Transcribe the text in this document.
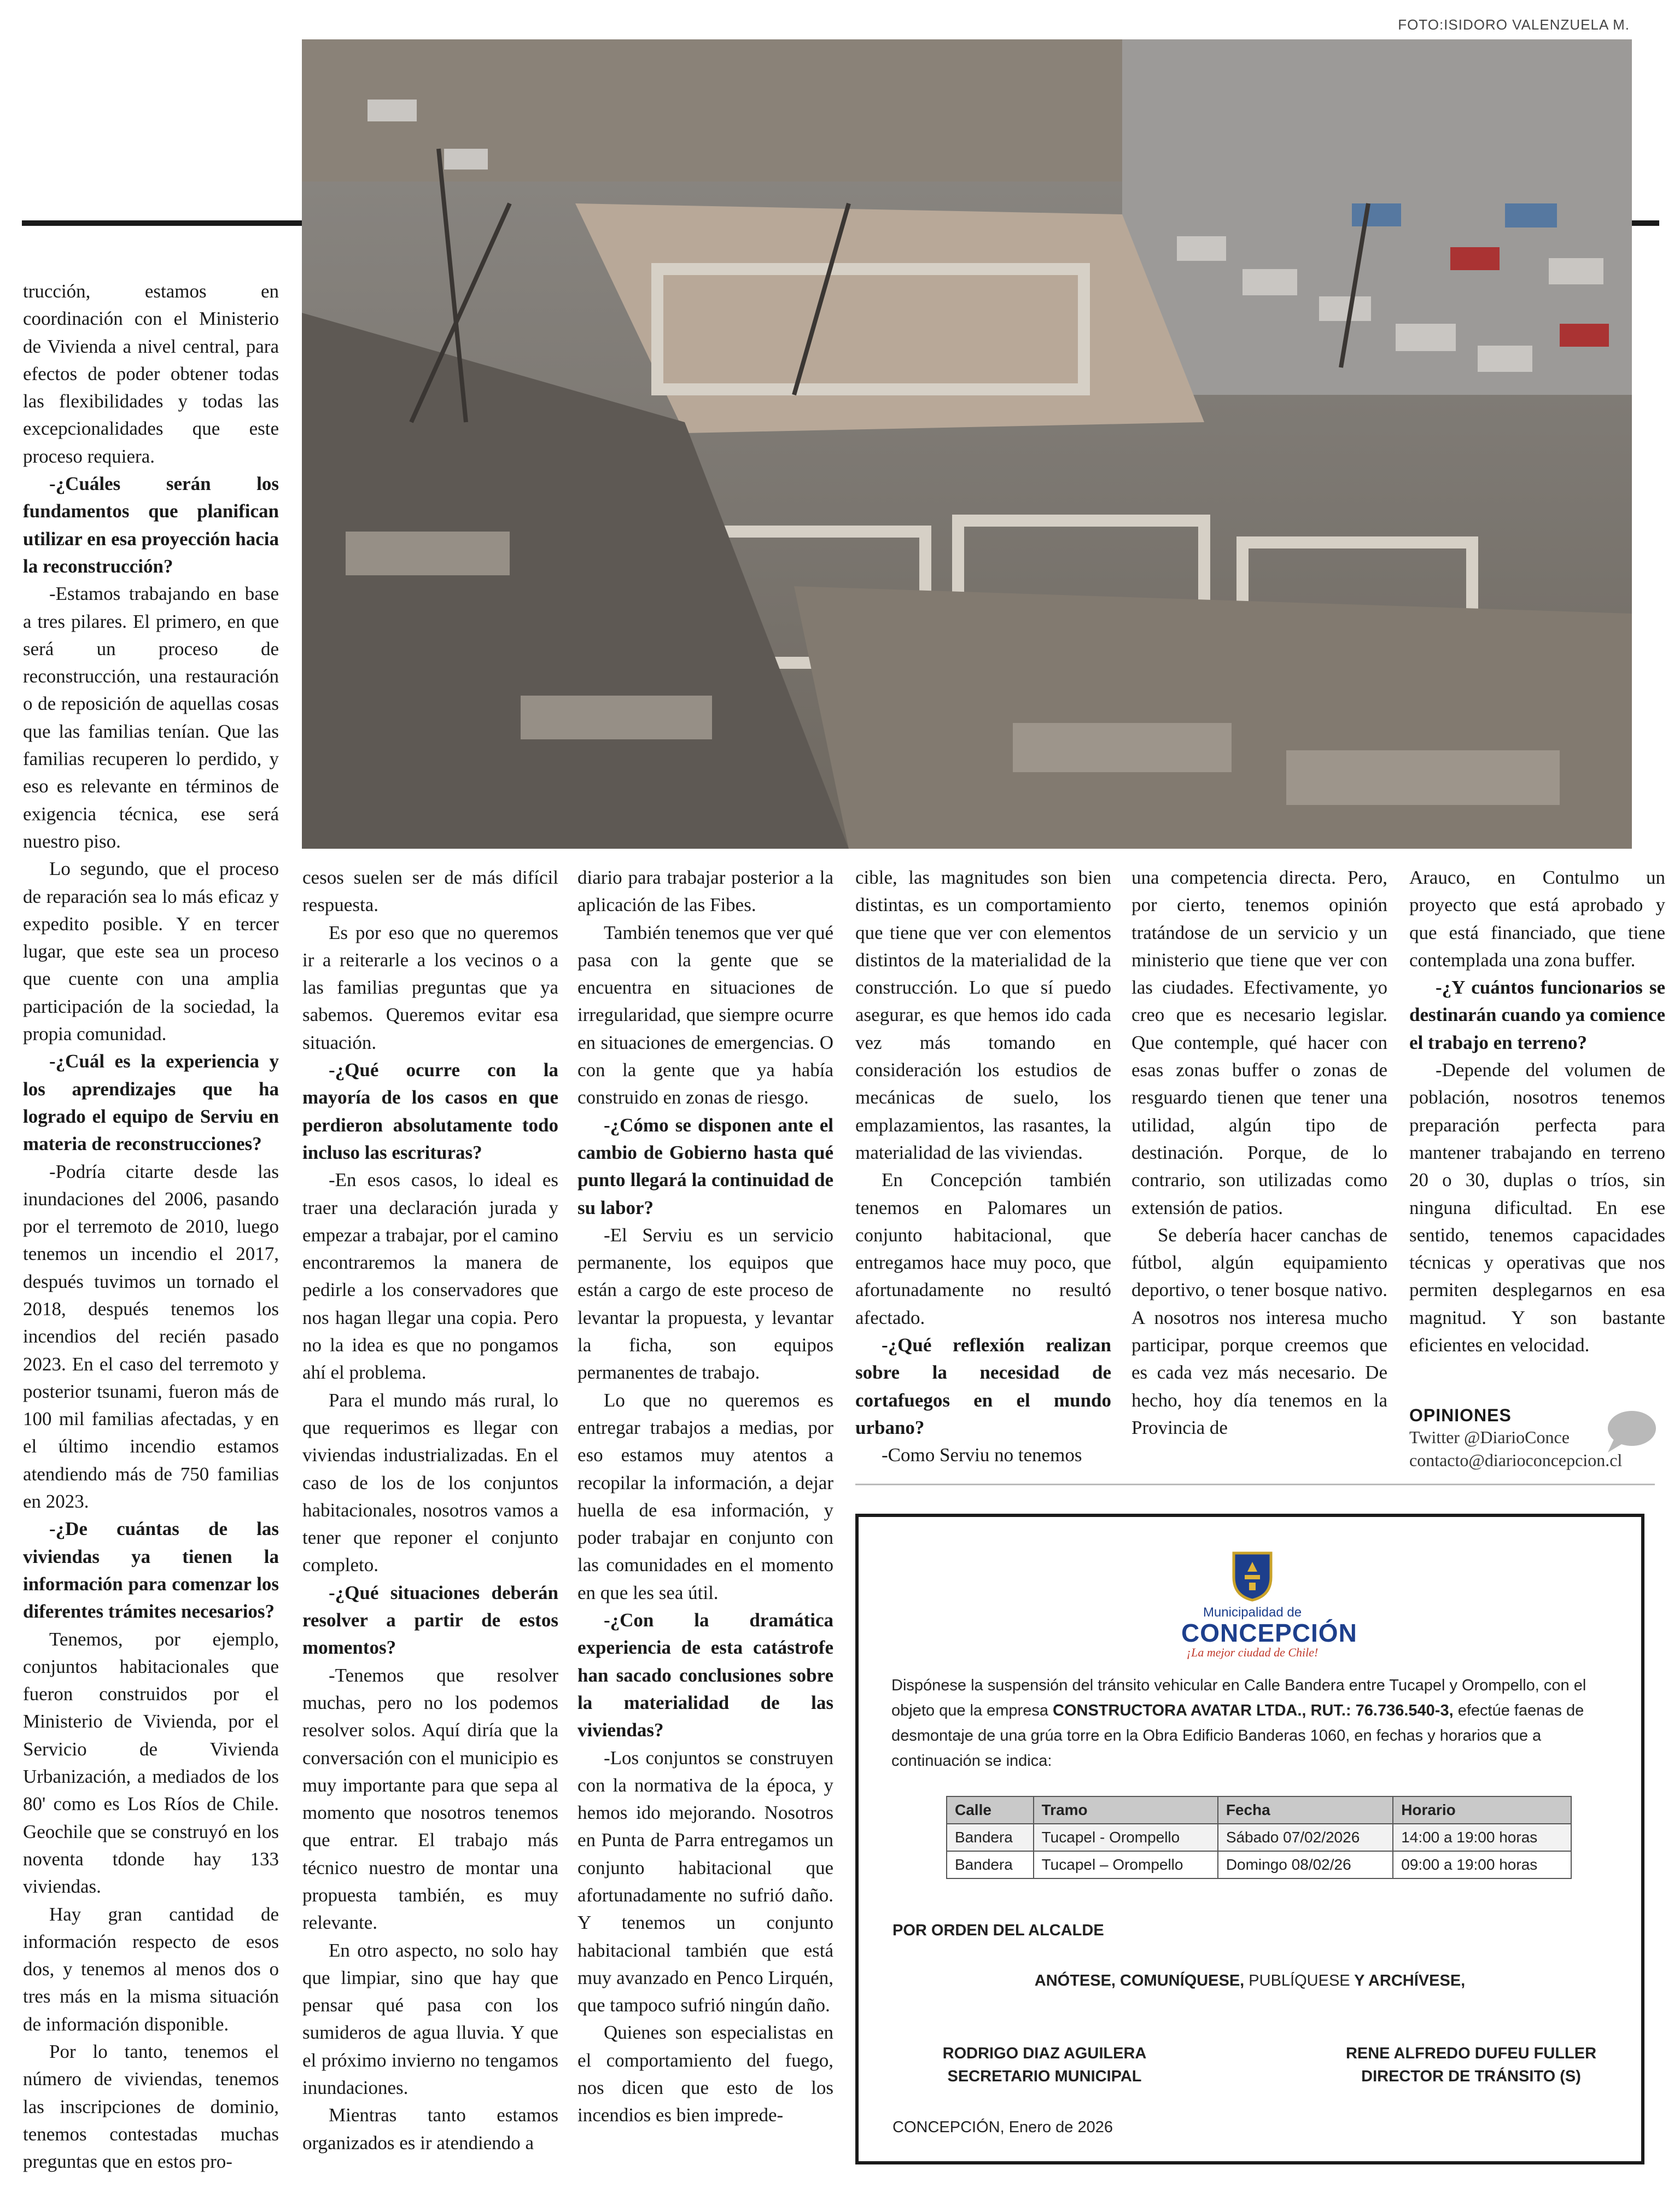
FOTO:ISIDORO VALENZUELA M.

trucción, estamos en coordinación con el Ministerio de Vivienda a nivel central, para efectos de poder obtener todas las flexibilidades y todas las excepcionalidades que este proceso requiera.

-¿Cuáles serán los fundamentos que planifican utilizar en esa proyección hacia la reconstrucción?

-Estamos trabajando en base a tres pilares. El primero, en que será un proceso de reconstrucción, una restauración o de reposición de aquellas cosas que las familias tenían. Que las familias recuperen lo perdido, y eso es relevante en términos de exigencia técnica, ese será nuestro piso.

Lo segundo, que el proceso de reparación sea lo más eficaz y expedito posible. Y en tercer lugar, que este sea un proceso que cuente con una amplia participación de la sociedad, la propia comunidad.

-¿Cuál es la experiencia y los aprendizajes que ha logrado el equipo de Serviu en materia de reconstrucciones?

-Podría citarte desde las inundaciones del 2006, pasando por el terremoto de 2010, luego tenemos un incendio el 2017, después tuvimos un tornado el 2018, después tenemos los incendios del recién pasado 2023. En el caso del terremoto y posterior tsunami, fueron más de 100 mil familias afectadas, y en el último incendio estamos atendiendo más de 750 familias en 2023.

-¿De cuántas de las viviendas ya tienen la información para comenzar los diferentes trámites necesarios?

Tenemos, por ejemplo, conjuntos habitacionales que fueron construidos por el Ministerio de Vivienda, por el Servicio de Vivienda Urbanización, a mediados de los 80' como es Los Ríos de Chile. Geochile que se construyó en los noventa tdonde hay 133 viviendas.

Hay gran cantidad de información respecto de esos dos, y tenemos al menos dos o tres más en la misma situación de información disponible.

Por lo tanto, tenemos el número de viviendas, tenemos las inscripciones de dominio, tenemos contestadas muchas preguntas que en estos pro-

cesos suelen ser de más difícil respuesta.

Es por eso que no queremos ir a reiterarle a los vecinos o a las familias preguntas que ya sabemos. Queremos evitar esa situación.

-¿Qué ocurre con la mayoría de los casos en que perdieron absolutamente todo incluso las escrituras?

-En esos casos, lo ideal es traer una declaración jurada y empezar a trabajar, por el camino encontraremos la manera de pedirle a los conservadores que nos hagan llegar una copia. Pero no la idea es que no pongamos ahí el problema.

Para el mundo más rural, lo que requerimos es llegar con viviendas industrializadas. En el caso de los de los conjuntos habitacionales, nosotros vamos a tener que reponer el conjunto completo.

-¿Qué situaciones deberán resolver a partir de estos momentos?

-Tenemos que resolver muchas, pero no los podemos resolver solos. Aquí diría que la conversación con el municipio es muy importante para que sepa al momento que nosotros tenemos que entrar. El trabajo más técnico nuestro de montar una propuesta también, es muy relevante.

En otro aspecto, no solo hay que limpiar, sino que hay que pensar qué pasa con los sumideros de agua lluvia. Y que el próximo invierno no tengamos inundaciones.

Mientras tanto estamos organizados es ir atendiendo a

diario para trabajar posterior a la aplicación de las Fibes.

También tenemos que ver qué pasa con la gente que se encuentra en situaciones de irregularidad, que siempre ocurre en situaciones de emergencias. O con la gente que ya había construido en zonas de riesgo.

-¿Cómo se disponen ante el cambio de Gobierno hasta qué punto llegará la continuidad de su labor?

-El Serviu es un servicio permanente, los equipos que están a cargo de este proceso de levantar la propuesta, y levantar la ficha, son equipos permanentes de trabajo.

Lo que no queremos es entregar trabajos a medias, por eso estamos muy atentos a recopilar la información, a dejar huella de esa información, y poder trabajar en conjunto con las comunidades en el momento en que les sea útil.

-¿Con la dramática experiencia de esta catástrofe han sacado conclusiones sobre la materialidad de las viviendas?

-Los conjuntos se construyen con la normativa de la época, y hemos ido mejorando. Nosotros en Punta de Parra entregamos un conjunto habitacional que afortunadamente no sufrió daño. Y tenemos un conjunto habitacional también que está muy avanzado en Penco Lirquén, que tampoco sufrió ningún daño.

Quienes son especialistas en el comportamiento del fuego, nos dicen que esto de los incendios es bien imprede-

cible, las magnitudes son bien distintas, es un comportamiento que tiene que ver con elementos distintos de la materialidad de la construcción. Lo que sí puedo asegurar, es que hemos ido cada vez más tomando en consideración los estudios de mecánicas de suelo, los emplazamientos, las rasantes, la materialidad de las viviendas.

En Concepción también tenemos en Palomares un conjunto habitacional, que entregamos hace muy poco, que afortunadamente no resultó afectado.

-¿Qué reflexión realizan sobre la necesidad de cortafuegos en el mundo urbano?

-Como Serviu no tenemos

una competencia directa. Pero, por cierto, tenemos opinión tratándose de un servicio y un ministerio que tiene que ver con las ciudades. Efectivamente, yo creo que es necesario legislar. Que contemple, qué hacer con esas zonas buffer o zonas de resguardo tienen que tener una utilidad, algún tipo de destinación. Porque, de lo contrario, son utilizadas como extensión de patios.

Se debería hacer canchas de fútbol, algún equipamiento deportivo, o tener bosque nativo. A nosotros nos interesa mucho participar, porque creemos que es cada vez más necesario. De hecho, hoy día tenemos en la Provincia de

Arauco, en Contulmo un proyecto que está aprobado y que está financiado, que tiene contemplada una zona buffer.

-¿Y cuántos funcionarios se destinarán cuando ya comience el trabajo en terreno?

-Depende del volumen de población, nosotros tenemos preparación perfecta para mantener trabajando en terreno 20 o 30, duplas o tríos, sin ninguna dificultad. En ese sentido, tenemos capacidades técnicas y operativas que nos permiten desplegarnos en esa magnitud. Y son bastante eficientes en velocidad.

OPINIONES
Twitter @DiarioConce
contacto@diarioconcepcion.cl
Municipalidad de
CONCEPCIÓN
¡La mejor ciudad de Chile!
Dispónese la suspensión del tránsito vehicular en Calle Bandera entre Tucapel y Orompello, con el objeto que la empresa CONSTRUCTORA AVATAR LTDA., RUT.: 76.736.540-3, efectúe faenas de desmontaje de una grúa torre en la Obra Edificio Banderas 1060, en fechas y horarios que a continuación se indica:
Calle	Tramo	Fecha	Horario
Bandera	Tucapel - Orompello	Sábado 07/02/2026	14:00 a 19:00 horas
Bandera	Tucapel – Orompello	Domingo 08/02/26	09:00 a 19:00 horas
POR ORDEN DEL ALCALDE
ANÓTESE, COMUNÍQUESE, PUBLÍQUESE Y ARCHÍVESE,
RODRIGO DIAZ AGUILERA
SECRETARIO MUNICIPAL
RENE ALFREDO DUFEU FULLER
DIRECTOR DE TRÁNSITO (S)
CONCEPCIÓN, Enero de 2026
